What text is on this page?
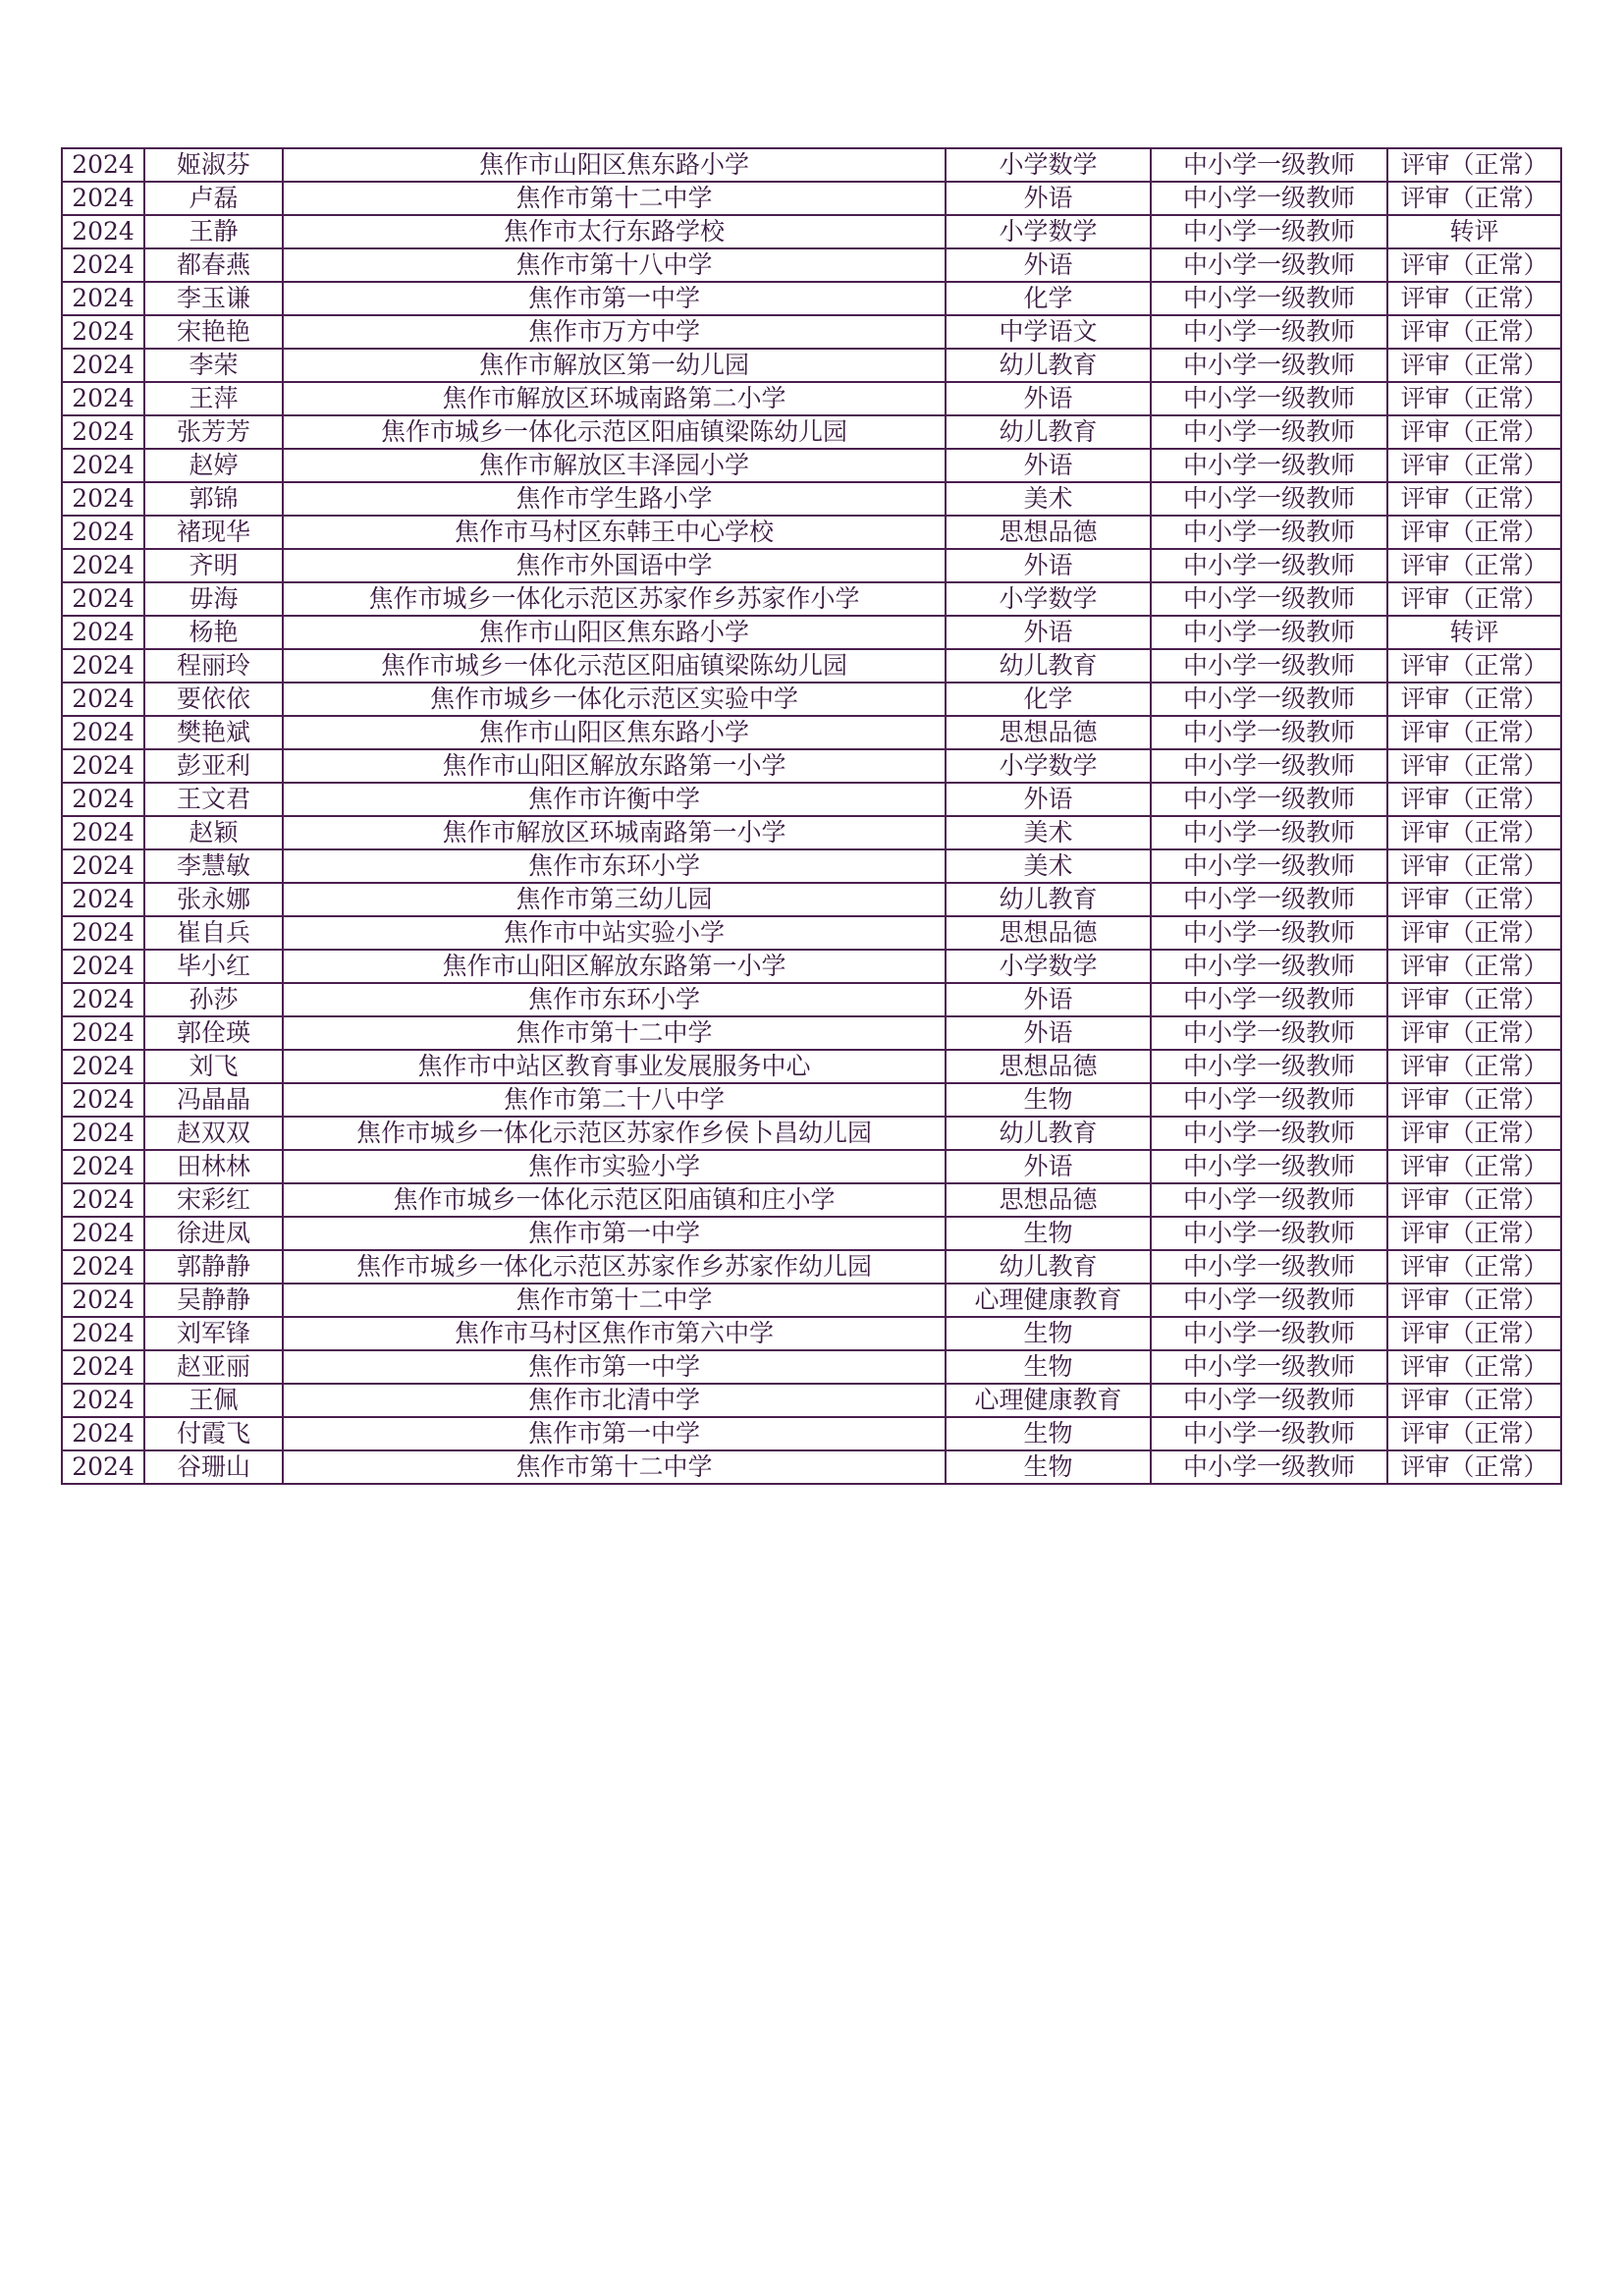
2024	姬淑芬	焦作市山阳区焦东路小学	小学数学	中小学一级教师	评审（正常）
2024	卢磊	焦作市第十二中学	外语	中小学一级教师	评审（正常）
2024	王静	焦作市太行东路学校	小学数学	中小学一级教师	转评
2024	都春燕	焦作市第十八中学	外语	中小学一级教师	评审（正常）
2024	李玉谦	焦作市第一中学	化学	中小学一级教师	评审（正常）
2024	宋艳艳	焦作市万方中学	中学语文	中小学一级教师	评审（正常）
2024	李荣	焦作市解放区第一幼儿园	幼儿教育	中小学一级教师	评审（正常）
2024	王萍	焦作市解放区环城南路第二小学	外语	中小学一级教师	评审（正常）
2024	张芳芳	焦作市城乡一体化示范区阳庙镇梁陈幼儿园	幼儿教育	中小学一级教师	评审（正常）
2024	赵婷	焦作市解放区丰泽园小学	外语	中小学一级教师	评审（正常）
2024	郭锦	焦作市学生路小学	美术	中小学一级教师	评审（正常）
2024	褚现华	焦作市马村区东韩王中心学校	思想品德	中小学一级教师	评审（正常）
2024	齐明	焦作市外国语中学	外语	中小学一级教师	评审（正常）
2024	毋海	焦作市城乡一体化示范区苏家作乡苏家作小学	小学数学	中小学一级教师	评审（正常）
2024	杨艳	焦作市山阳区焦东路小学	外语	中小学一级教师	转评
2024	程丽玲	焦作市城乡一体化示范区阳庙镇梁陈幼儿园	幼儿教育	中小学一级教师	评审（正常）
2024	要依依	焦作市城乡一体化示范区实验中学	化学	中小学一级教师	评审（正常）
2024	樊艳斌	焦作市山阳区焦东路小学	思想品德	中小学一级教师	评审（正常）
2024	彭亚利	焦作市山阳区解放东路第一小学	小学数学	中小学一级教师	评审（正常）
2024	王文君	焦作市许衡中学	外语	中小学一级教师	评审（正常）
2024	赵颖	焦作市解放区环城南路第一小学	美术	中小学一级教师	评审（正常）
2024	李慧敏	焦作市东环小学	美术	中小学一级教师	评审（正常）
2024	张永娜	焦作市第三幼儿园	幼儿教育	中小学一级教师	评审（正常）
2024	崔自兵	焦作市中站实验小学	思想品德	中小学一级教师	评审（正常）
2024	毕小红	焦作市山阳区解放东路第一小学	小学数学	中小学一级教师	评审（正常）
2024	孙莎	焦作市东环小学	外语	中小学一级教师	评审（正常）
2024	郭佺瑛	焦作市第十二中学	外语	中小学一级教师	评审（正常）
2024	刘飞	焦作市中站区教育事业发展服务中心	思想品德	中小学一级教师	评审（正常）
2024	冯晶晶	焦作市第二十八中学	生物	中小学一级教师	评审（正常）
2024	赵双双	焦作市城乡一体化示范区苏家作乡侯卜昌幼儿园	幼儿教育	中小学一级教师	评审（正常）
2024	田林林	焦作市实验小学	外语	中小学一级教师	评审（正常）
2024	宋彩红	焦作市城乡一体化示范区阳庙镇和庄小学	思想品德	中小学一级教师	评审（正常）
2024	徐进凤	焦作市第一中学	生物	中小学一级教师	评审（正常）
2024	郭静静	焦作市城乡一体化示范区苏家作乡苏家作幼儿园	幼儿教育	中小学一级教师	评审（正常）
2024	吴静静	焦作市第十二中学	心理健康教育	中小学一级教师	评审（正常）
2024	刘军锋	焦作市马村区焦作市第六中学	生物	中小学一级教师	评审（正常）
2024	赵亚丽	焦作市第一中学	生物	中小学一级教师	评审（正常）
2024	王佩	焦作市北清中学	心理健康教育	中小学一级教师	评审（正常）
2024	付霞飞	焦作市第一中学	生物	中小学一级教师	评审（正常）
2024	谷珊山	焦作市第十二中学	生物	中小学一级教师	评审（正常）
